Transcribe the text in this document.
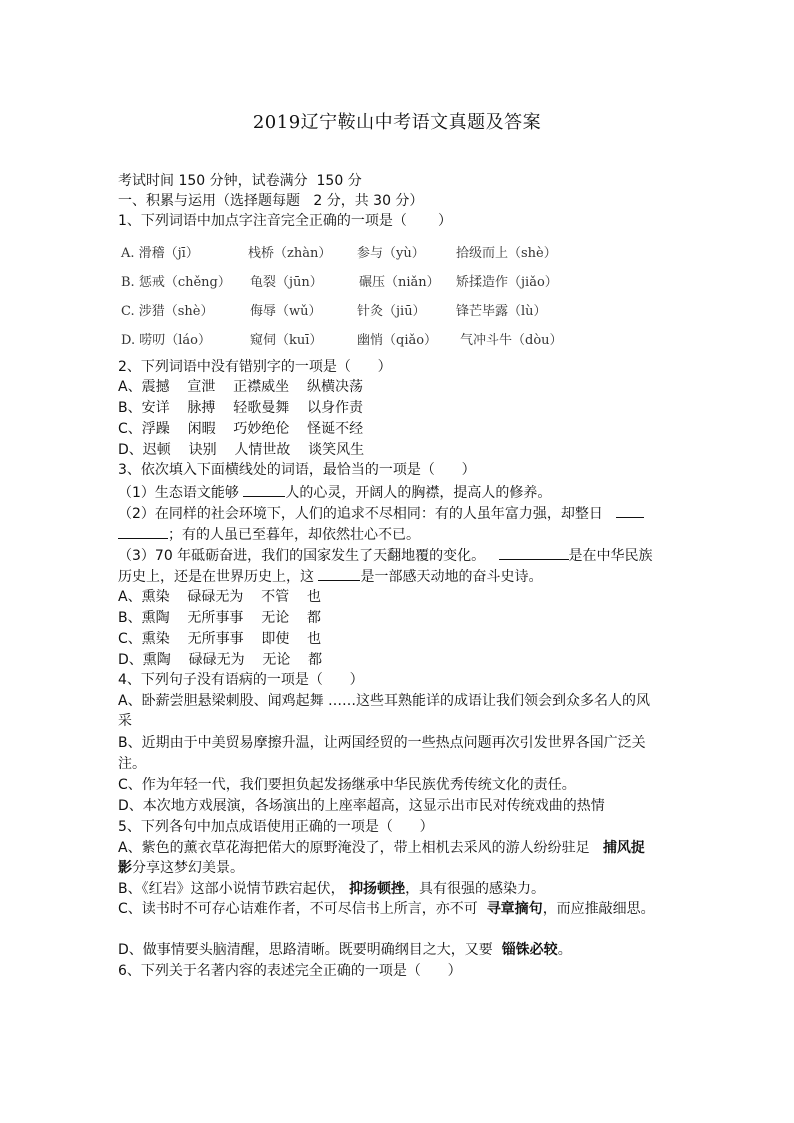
2019辽宁鞍山中考语文真题及答案
考试时间 150 分钟，试卷满分  150 分
一、积累与运用（选择题每题   2 分，共 30 分）
1、下列词语中加点字注音完全正确的一项是（       ）
A. 滑稽（jī）	栈桥（zhàn） 参与（yù） 拾级而上（shè）
B. 惩戒（chěng） 龟裂（jūn）	碾压（niǎn） 矫揉造作（jiǎo）
C. 涉猎（shè）	侮辱（wǔ）	针灸（jiū） 锋芒毕露（lù）
D. 唠叨（láo）	窥伺（kuī）	幽悄（qiǎo） 气冲斗牛（dòu）
2、下列词语中没有错别字的一项是（      ）
A、震撼    宣泄    正襟威坐    纵横决荡
B、安详    脉搏    轻歌曼舞    以身作责
C、浮躁    闲暇    巧妙绝伦    怪诞不经
D、迟顿    诀别    人情世故    谈笑风生
3、依次填入下面横线处的词语，最恰当的一项是（      ）
（1）生态语文能够	人的心灵，开阔人的胸襟，提高人的修养。
（2）在同样的社会环境下，人们的追求不尽相同：有的人虽年富力强，却整日
；有的人虽已至暮年，却依然壮心不已。
（3）70 年砥砺奋进，我们的国家发生了天翻地覆的变化。	是在中华民族
历史上，还是在世界历史上，这	是一部感天动地的奋斗史诗。
A、熏染    碌碌无为    不管    也
B、熏陶    无所事事    无论    都
C、熏染    无所事事    即使    也
D、熏陶    碌碌无为    无论    都
4、下列句子没有语病的一项是（      ）
A、卧薪尝胆悬梁刺股、闻鸡起舞 ……这些耳熟能详的成语让我们领会到众多名人的风
采
B、近期由于中美贸易摩擦升温，让两国经贸的一些热点问题再次引发世界各国广泛关
注。
C、作为年轻一代，我们要担负起发扬继承中华民族优秀传统文化的责任。
D、本次地方戏展演，各场演出的上座率超高，这显示出市民对传统戏曲的热情
5、下列各句中加点成语使用正确的一项是（      ）
A、紫色的薰衣草花海把偌大的原野淹没了，带上相机去采风的游人纷纷驻足   捕风捉
影分享这梦幻美景。
B、《红岩》这部小说情节跌宕起伏， 抑扬顿挫，具有很强的感染力。
C、读书时不可存心诘难作者，不可尽信书上所言，亦不可  寻章摘句，而应推敲细思。
D、做事情要头脑清醒，思路清晰。既要明确纲目之大，又要  锱铢必较。
6、下列关于名著内容的表述完全正确的一项是（      ）
